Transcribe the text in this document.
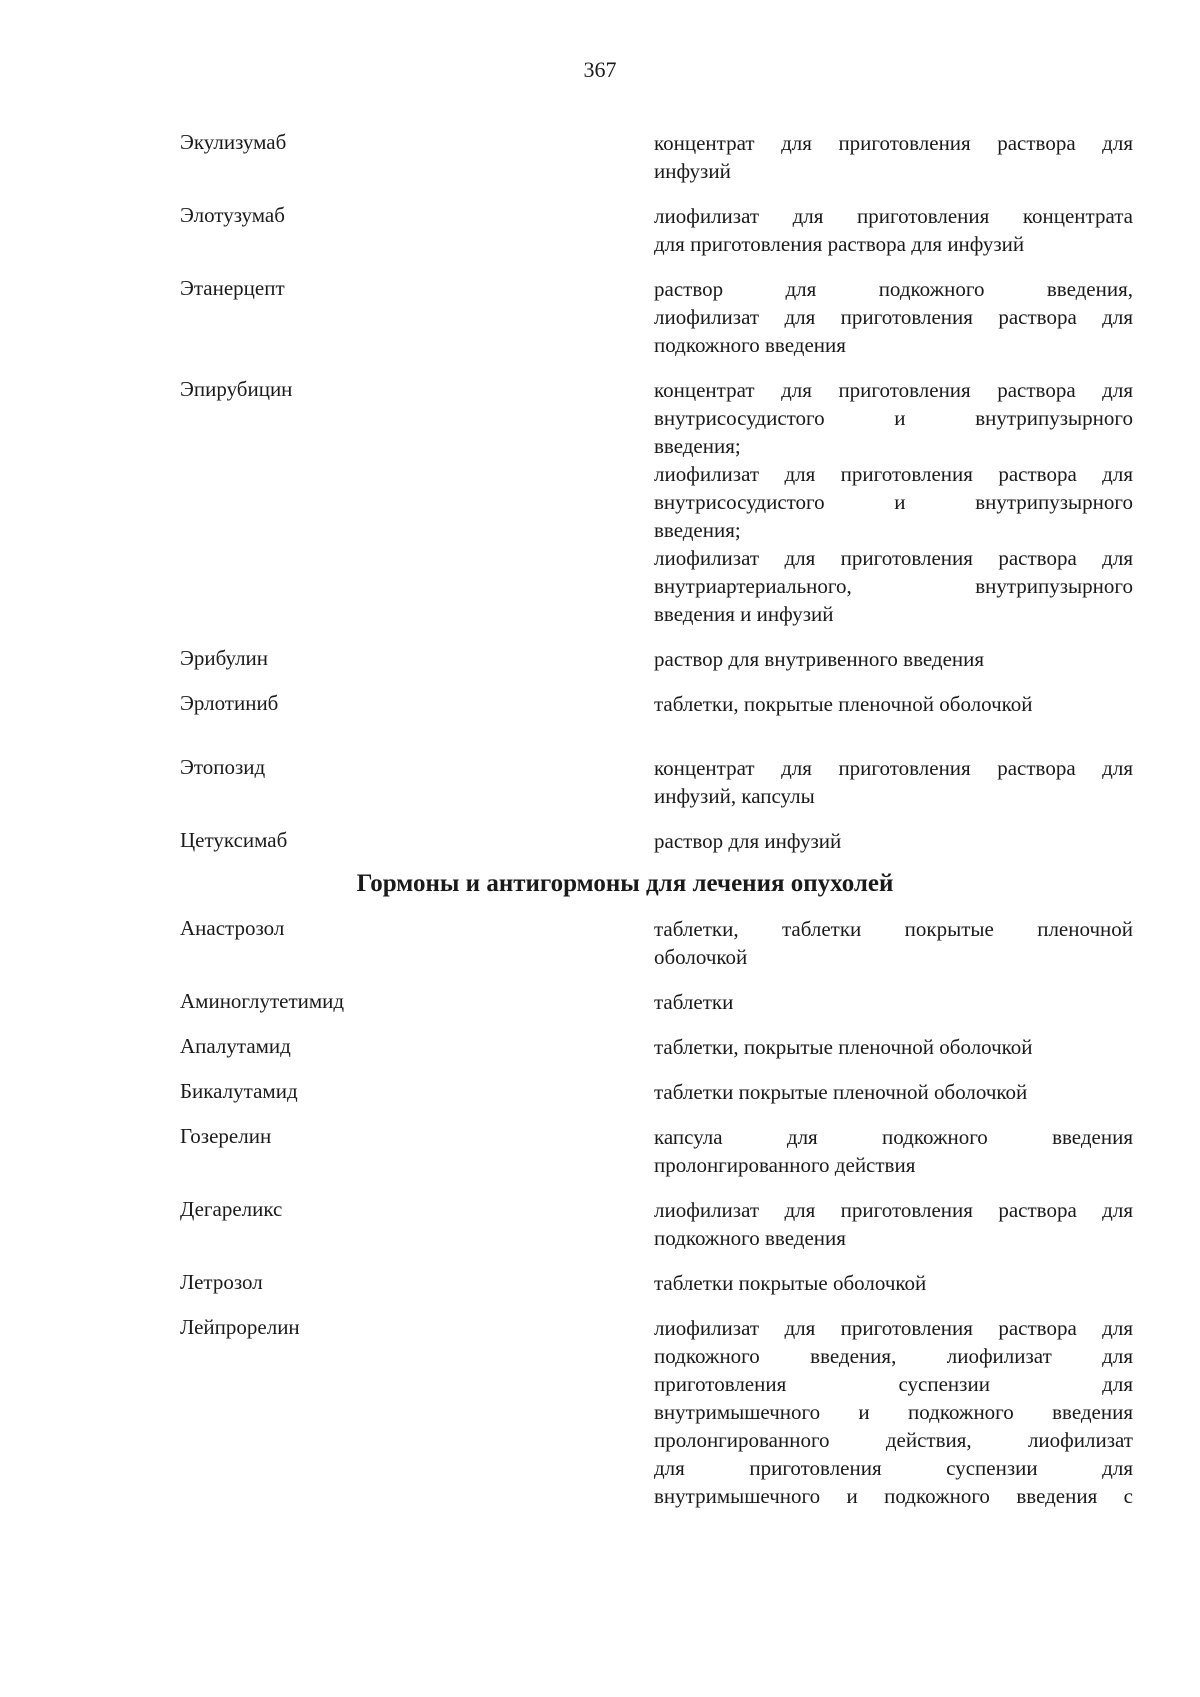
367
Экулизумаб	концентрат для приготовления раствора для
инфузий
Элотузумаб	лиофилизат для приготовления концентрата
для приготовления раствора для инфузий
Этанерцепт	раствор для подкожного введения,
лиофилизат для приготовления раствора для
подкожного введения
Эпирубицин	концентрат для приготовления раствора для
внутрисосудистого и внутрипузырного
введения;
лиофилизат для приготовления раствора для
внутрисосудистого и внутрипузырного
введения;
лиофилизат для приготовления раствора для
внутриартериального, внутрипузырного
введения и инфузий
Эрибулин	раствор для внутривенного введения
Эрлотиниб	таблетки, покрытые пленочной оболочкой
Этопозид	концентрат для приготовления раствора для
инфузий, капсулы
Цетуксимаб	раствор для инфузий
Гормоны и антигормоны для лечения опухолей
Анастрозол	таблетки, таблетки покрытые пленочной
оболочкой
Аминоглутетимид	таблетки
Апалутамид	таблетки, покрытые пленочной оболочкой
Бикалутамид	таблетки покрытые пленочной оболочкой
Гозерелин	капсула для подкожного введения
пролонгированного действия
Дегареликс	лиофилизат для приготовления раствора для
подкожного введения
Летрозол	таблетки покрытые оболочкой
Лейпрорелин	лиофилизат для приготовления раствора для
подкожного введения, лиофилизат для
приготовления суспензии для
внутримышечного и подкожного введения
пролонгированного действия, лиофилизат
для приготовления суспензии для
внутримышечного и подкожного введения с
